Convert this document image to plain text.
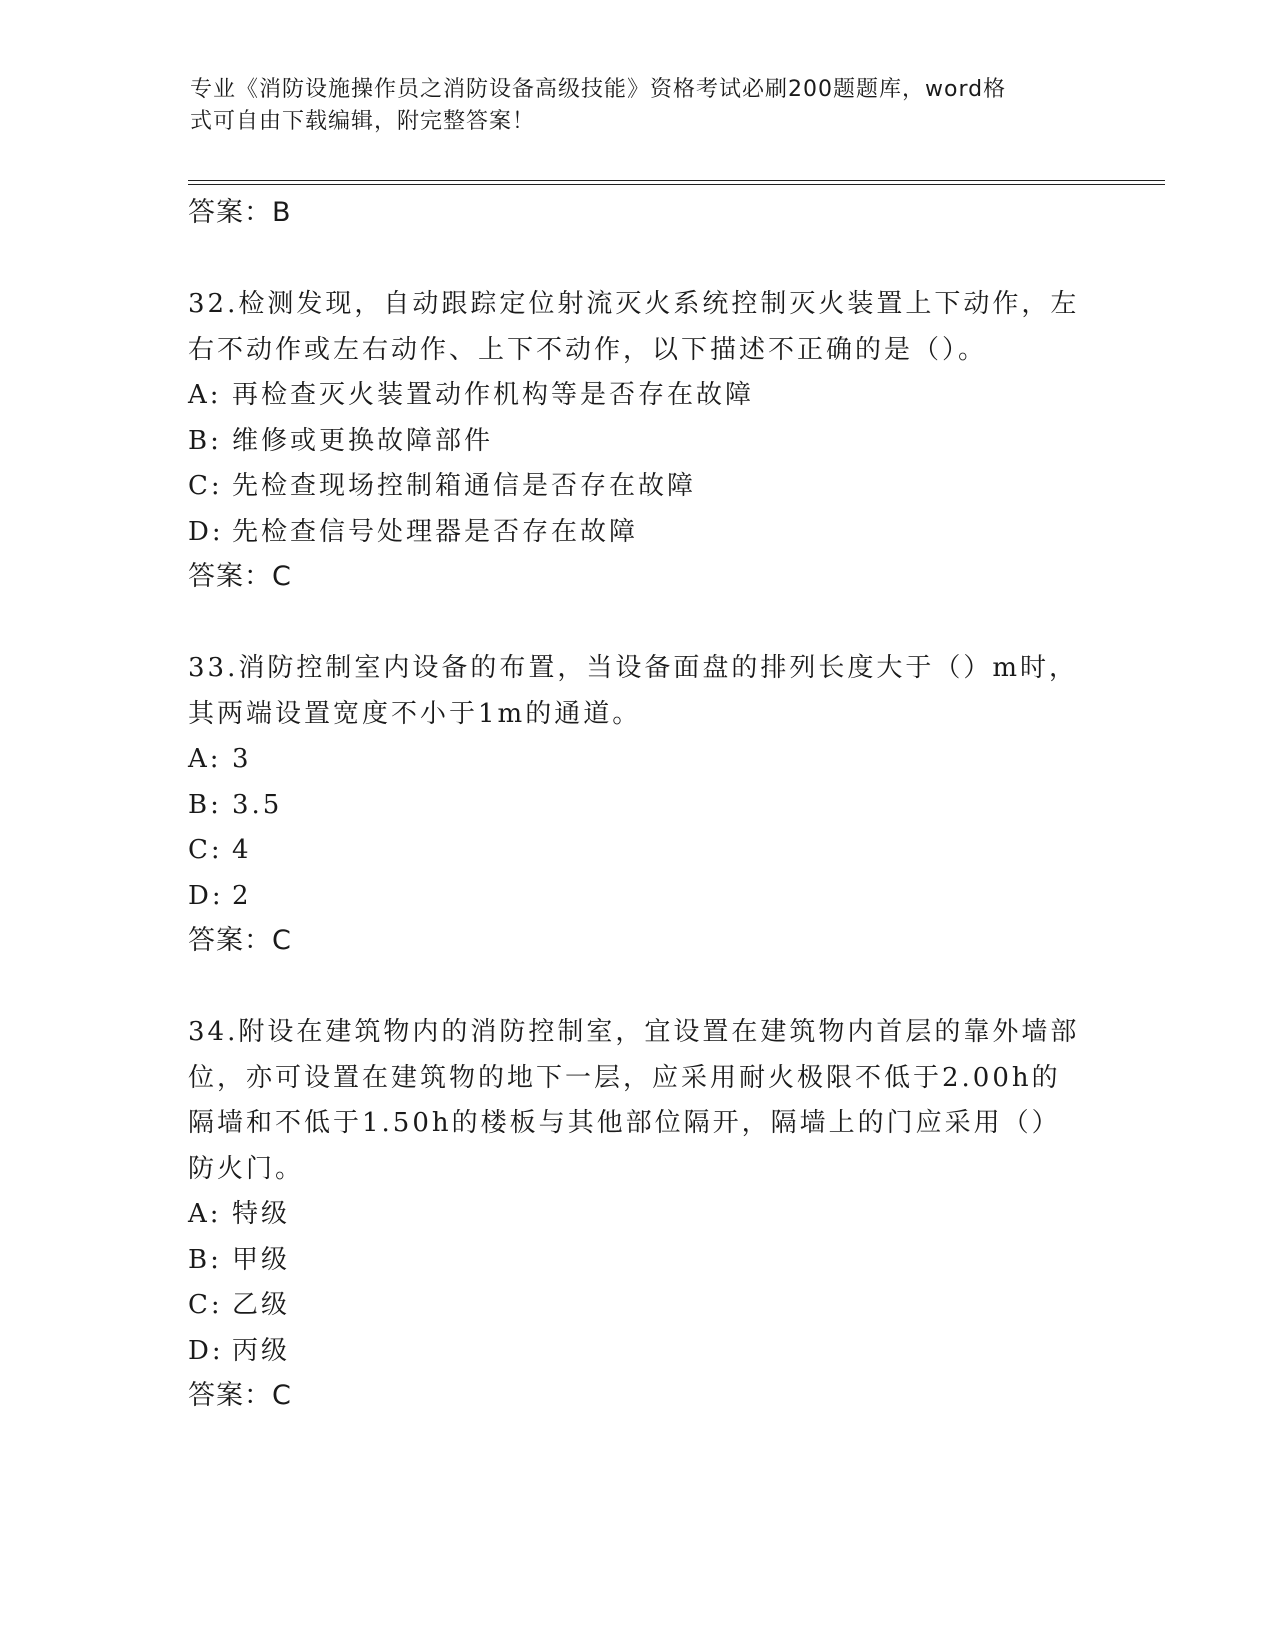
专业《消防设施操作员之消防设备高级技能》资格考试必刷200题题库，word格
式可自由下载编辑，附完整答案！
答案：B

32.检测发现，自动跟踪定位射流灭火系统控制灭火装置上下动作，左右不动作或左右动作、上下不动作，以下描述不正确的是（）。

A: 再检查灭火装置动作机构等是否存在故障
B: 维修或更换故障部件
C: 先检查现场控制箱通信是否存在故障
D: 先检查信号处理器是否存在故障
答案：C

33.消防控制室内设备的布置，当设备面盘的排列长度大于（）m时，其两端设置宽度不小于1m的通道。

A: 3
B: 3.5
C: 4
D: 2
答案：C

34.附设在建筑物内的消防控制室，宜设置在建筑物内首层的靠外墙部位，亦可设置在建筑物的地下一层，应采用耐火极限不低于2.00h的隔墙和不低于1.50h的楼板与其他部位隔开，隔墙上的门应采用（）防火门。

A: 特级
B: 甲级
C: 乙级
D: 丙级
答案：C
